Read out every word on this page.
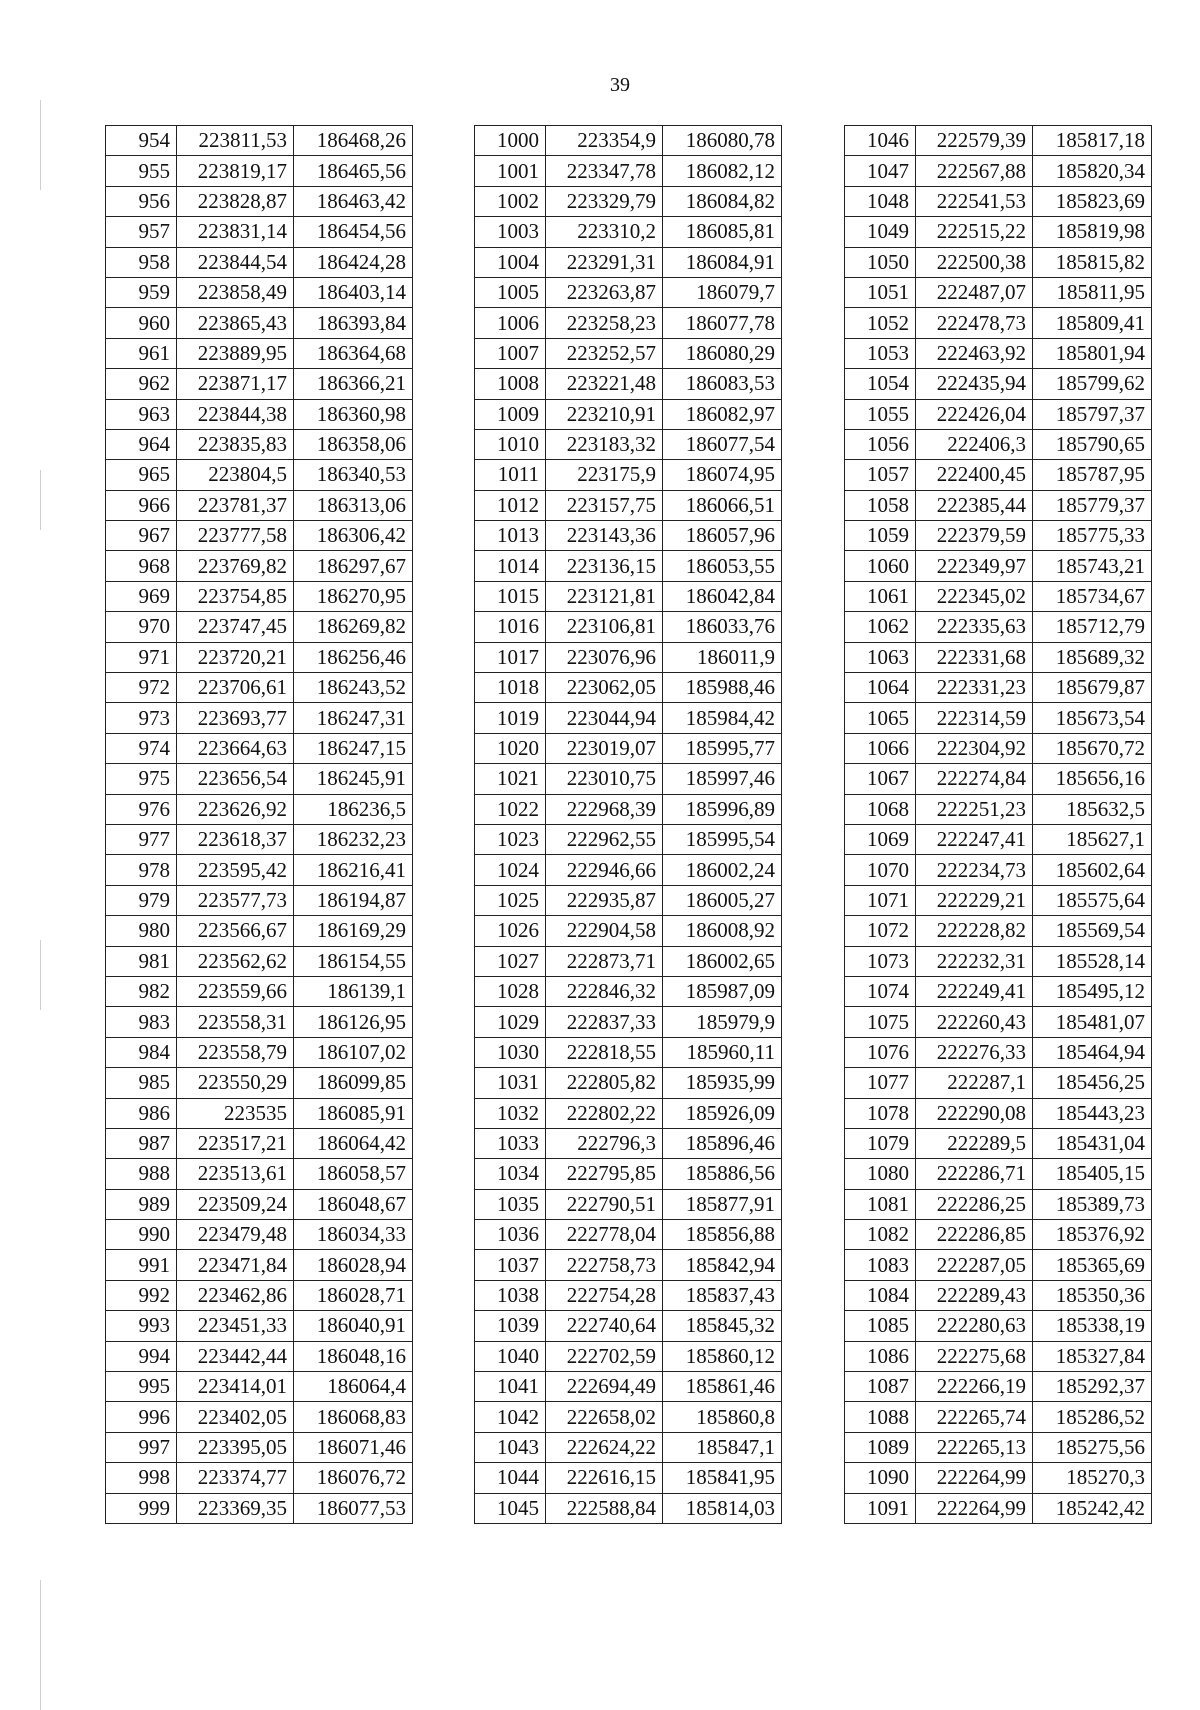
39
954	223811,53	186468,26
955	223819,17	186465,56
956	223828,87	186463,42
957	223831,14	186454,56
958	223844,54	186424,28
959	223858,49	186403,14
960	223865,43	186393,84
961	223889,95	186364,68
962	223871,17	186366,21
963	223844,38	186360,98
964	223835,83	186358,06
965	223804,5	186340,53
966	223781,37	186313,06
967	223777,58	186306,42
968	223769,82	186297,67
969	223754,85	186270,95
970	223747,45	186269,82
971	223720,21	186256,46
972	223706,61	186243,52
973	223693,77	186247,31
974	223664,63	186247,15
975	223656,54	186245,91
976	223626,92	186236,5
977	223618,37	186232,23
978	223595,42	186216,41
979	223577,73	186194,87
980	223566,67	186169,29
981	223562,62	186154,55
982	223559,66	186139,1
983	223558,31	186126,95
984	223558,79	186107,02
985	223550,29	186099,85
986	223535	186085,91
987	223517,21	186064,42
988	223513,61	186058,57
989	223509,24	186048,67
990	223479,48	186034,33
991	223471,84	186028,94
992	223462,86	186028,71
993	223451,33	186040,91
994	223442,44	186048,16
995	223414,01	186064,4
996	223402,05	186068,83
997	223395,05	186071,46
998	223374,77	186076,72
999	223369,35	186077,53
1000	223354,9	186080,78
1001	223347,78	186082,12
1002	223329,79	186084,82
1003	223310,2	186085,81
1004	223291,31	186084,91
1005	223263,87	186079,7
1006	223258,23	186077,78
1007	223252,57	186080,29
1008	223221,48	186083,53
1009	223210,91	186082,97
1010	223183,32	186077,54
1011	223175,9	186074,95
1012	223157,75	186066,51
1013	223143,36	186057,96
1014	223136,15	186053,55
1015	223121,81	186042,84
1016	223106,81	186033,76
1017	223076,96	186011,9
1018	223062,05	185988,46
1019	223044,94	185984,42
1020	223019,07	185995,77
1021	223010,75	185997,46
1022	222968,39	185996,89
1023	222962,55	185995,54
1024	222946,66	186002,24
1025	222935,87	186005,27
1026	222904,58	186008,92
1027	222873,71	186002,65
1028	222846,32	185987,09
1029	222837,33	185979,9
1030	222818,55	185960,11
1031	222805,82	185935,99
1032	222802,22	185926,09
1033	222796,3	185896,46
1034	222795,85	185886,56
1035	222790,51	185877,91
1036	222778,04	185856,88
1037	222758,73	185842,94
1038	222754,28	185837,43
1039	222740,64	185845,32
1040	222702,59	185860,12
1041	222694,49	185861,46
1042	222658,02	185860,8
1043	222624,22	185847,1
1044	222616,15	185841,95
1045	222588,84	185814,03
1046	222579,39	185817,18
1047	222567,88	185820,34
1048	222541,53	185823,69
1049	222515,22	185819,98
1050	222500,38	185815,82
1051	222487,07	185811,95
1052	222478,73	185809,41
1053	222463,92	185801,94
1054	222435,94	185799,62
1055	222426,04	185797,37
1056	222406,3	185790,65
1057	222400,45	185787,95
1058	222385,44	185779,37
1059	222379,59	185775,33
1060	222349,97	185743,21
1061	222345,02	185734,67
1062	222335,63	185712,79
1063	222331,68	185689,32
1064	222331,23	185679,87
1065	222314,59	185673,54
1066	222304,92	185670,72
1067	222274,84	185656,16
1068	222251,23	185632,5
1069	222247,41	185627,1
1070	222234,73	185602,64
1071	222229,21	185575,64
1072	222228,82	185569,54
1073	222232,31	185528,14
1074	222249,41	185495,12
1075	222260,43	185481,07
1076	222276,33	185464,94
1077	222287,1	185456,25
1078	222290,08	185443,23
1079	222289,5	185431,04
1080	222286,71	185405,15
1081	222286,25	185389,73
1082	222286,85	185376,92
1083	222287,05	185365,69
1084	222289,43	185350,36
1085	222280,63	185338,19
1086	222275,68	185327,84
1087	222266,19	185292,37
1088	222265,74	185286,52
1089	222265,13	185275,56
1090	222264,99	185270,3
1091	222264,99	185242,42
